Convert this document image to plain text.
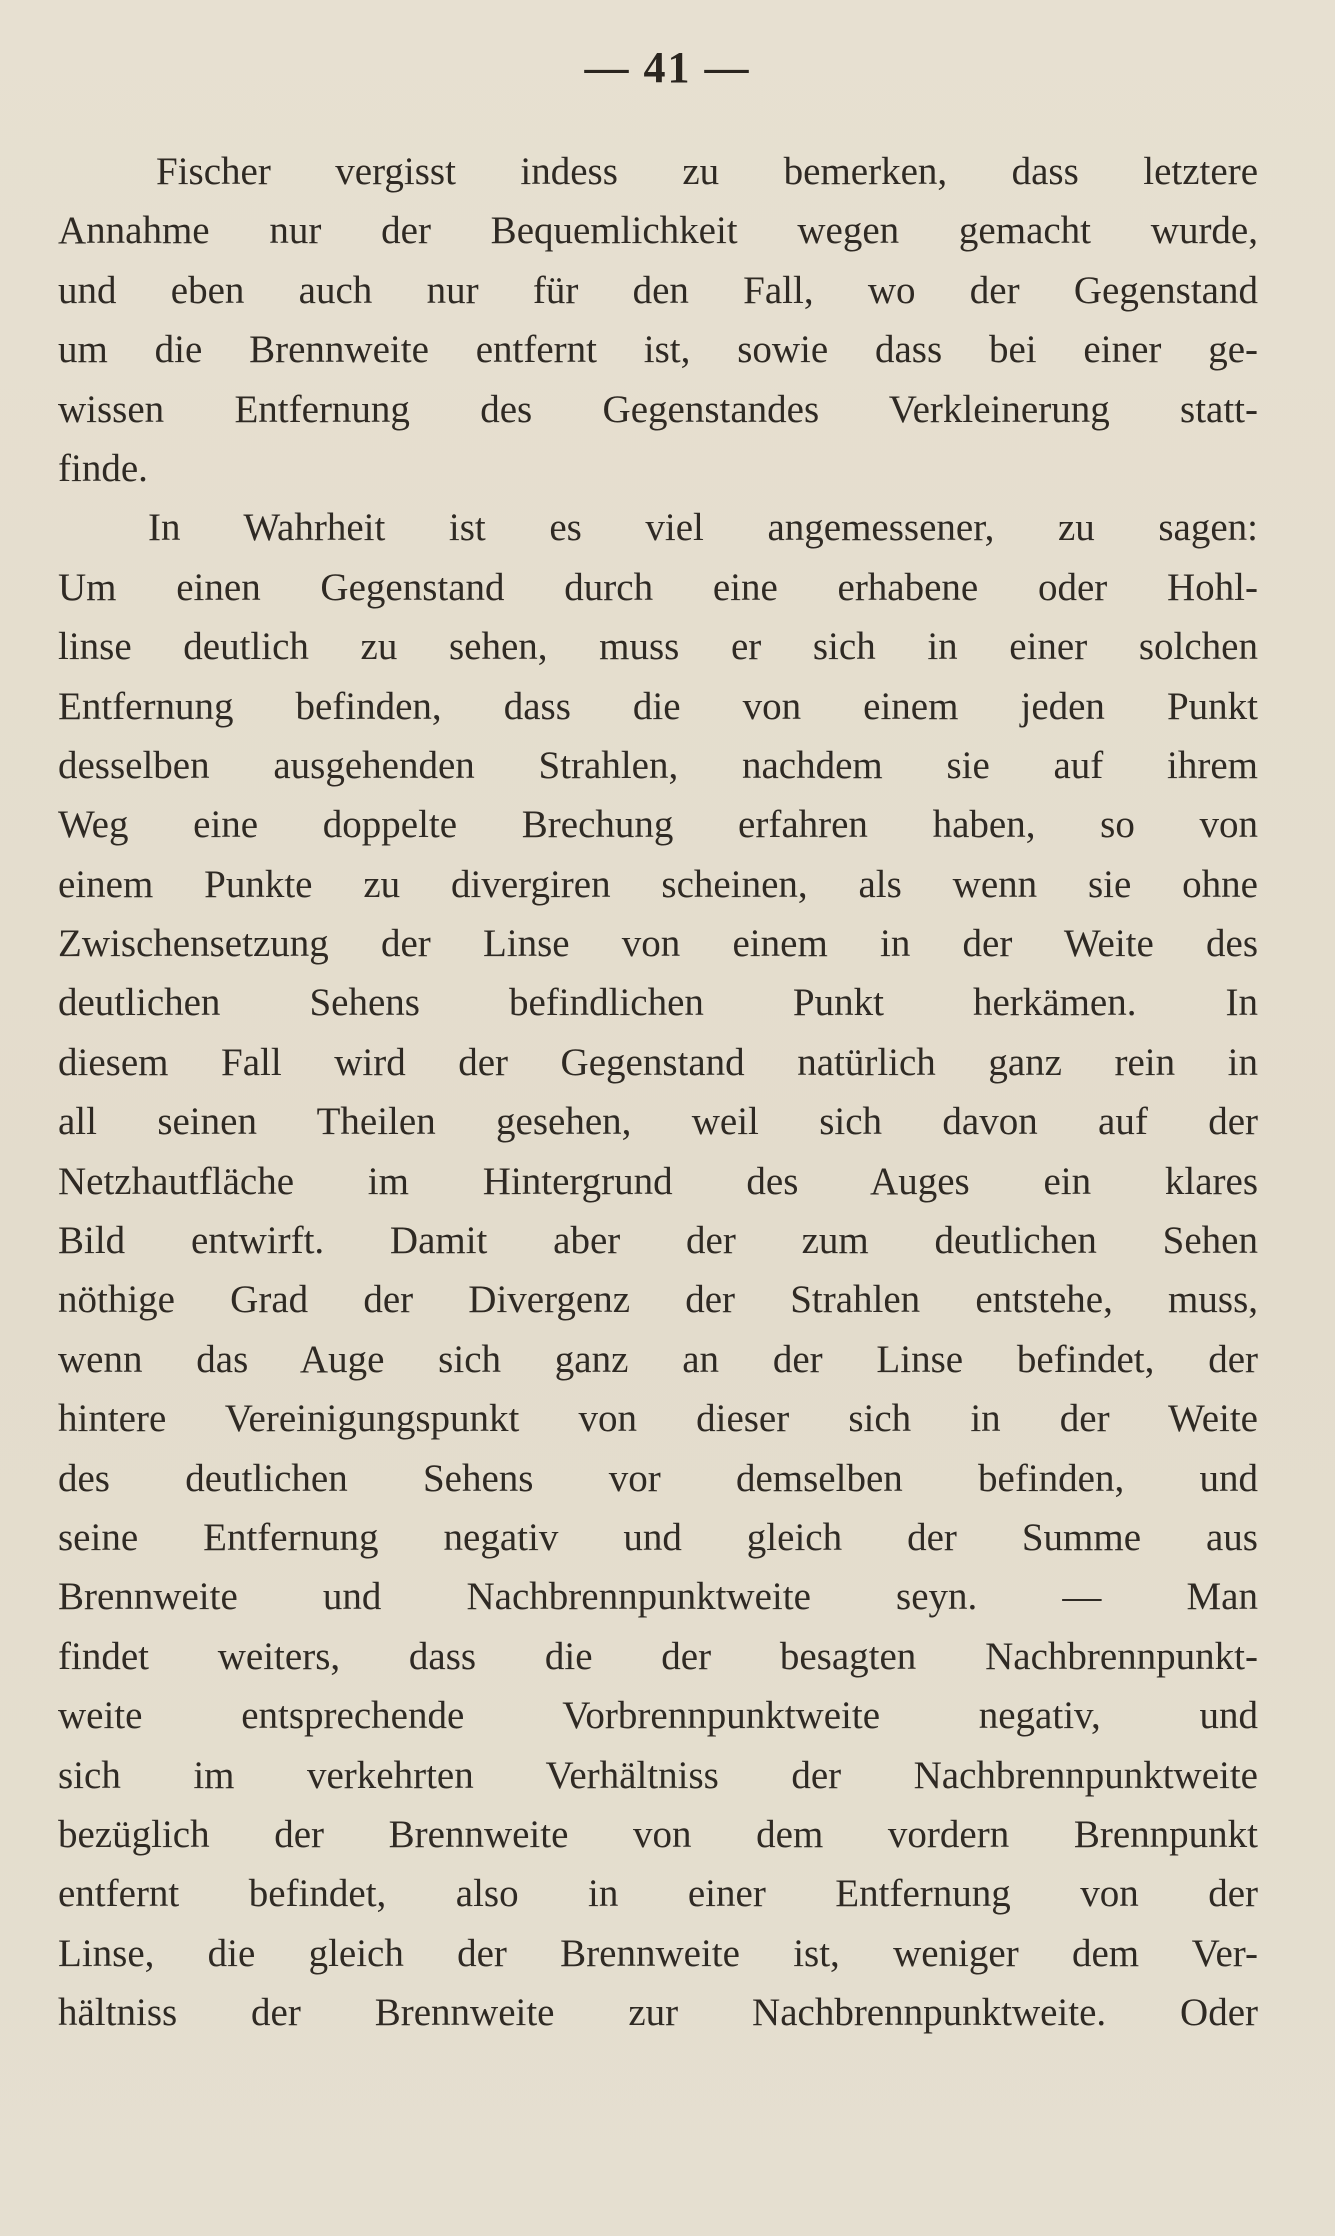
— 41 —
Fischer vergisst indess zu bemerken, dass letztere
Annahme nur der Bequemlichkeit wegen gemacht wurde,
und eben auch nur für den Fall, wo der Gegenstand
um die Brennweite entfernt ist, sowie dass bei einer ge-
wissen Entfernung des Gegenstandes Verkleinerung statt-
finde.
In Wahrheit ist es viel angemessener, zu sagen:
Um einen Gegenstand durch eine erhabene oder Hohl-
linse deutlich zu sehen, muss er sich in einer solchen
Entfernung befinden, dass die von einem jeden Punkt
desselben ausgehenden Strahlen, nachdem sie auf ihrem
Weg eine doppelte Brechung erfahren haben, so von
einem Punkte zu divergiren scheinen, als wenn sie ohne
Zwischensetzung der Linse von einem in der Weite des
deutlichen Sehens befindlichen Punkt herkämen. In
diesem Fall wird der Gegenstand natürlich ganz rein in
all seinen Theilen gesehen, weil sich davon auf der
Netzhautfläche im Hintergrund des Auges ein klares
Bild entwirft. Damit aber der zum deutlichen Sehen
nöthige Grad der Divergenz der Strahlen entstehe, muss,
wenn das Auge sich ganz an der Linse befindet, der
hintere Vereinigungspunkt von dieser sich in der Weite
des deutlichen Sehens vor demselben befinden, und
seine Entfernung negativ und gleich der Summe aus
Brennweite und Nachbrennpunktweite seyn. — Man
findet weiters, dass die der besagten Nachbrennpunkt-
weite entsprechende Vorbrennpunktweite negativ, und
sich im verkehrten Verhältniss der Nachbrennpunktweite
bezüglich der Brennweite von dem vordern Brennpunkt
entfernt befindet, also in einer Entfernung von der
Linse, die gleich der Brennweite ist, weniger dem Ver-
hältniss der Brennweite zur Nachbrennpunktweite. Oder
